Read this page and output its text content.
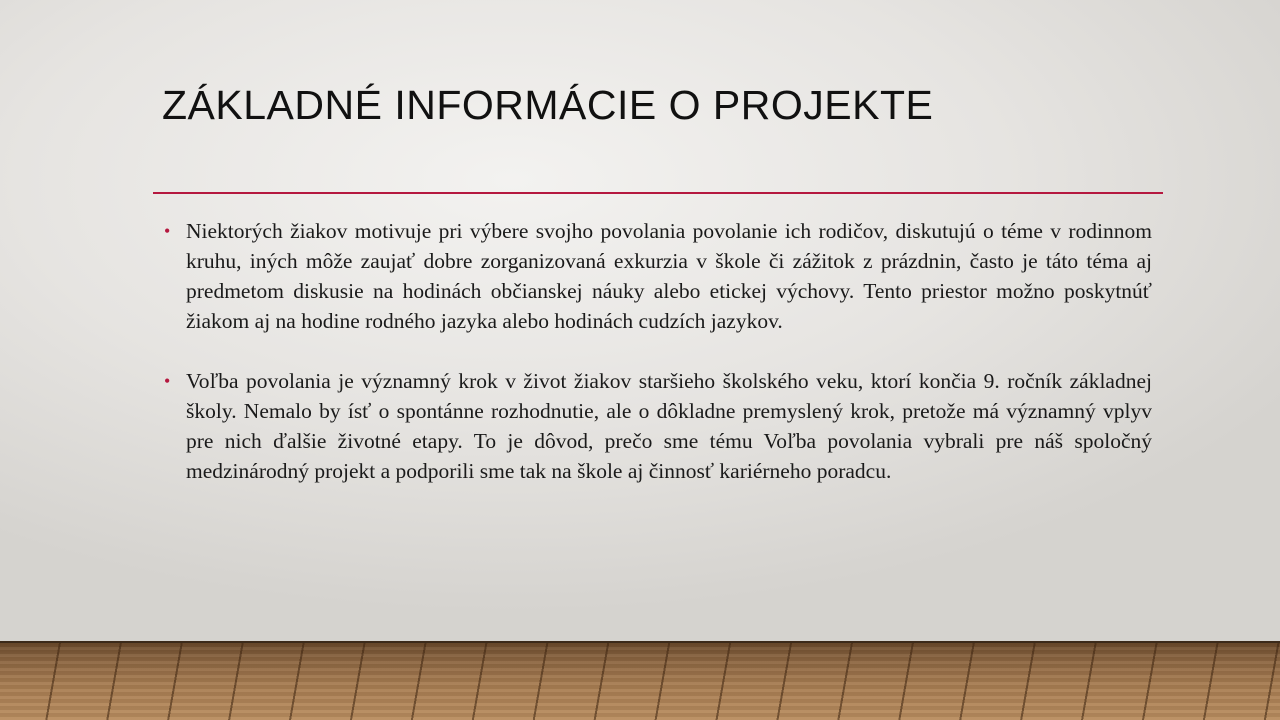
ZÁKLADNÉ INFORMÁCIE O PROJEKTE

• Niektorých žiakov motivuje pri výbere svojho povolania povolanie ich rodičov, diskutujú o téme v rodinnom kruhu, iných môže zaujať dobre zorganizovaná exkurzia v škole či zážitok z prázdnin, často je táto téma aj predmetom diskusie na hodinách občianskej náuky alebo etickej výchovy. Tento priestor možno poskytnúť žiakom aj na hodine rodného jazyka alebo hodinách cudzích jazykov.

• Voľba povolania je významný krok v život žiakov staršieho školského veku, ktorí končia 9. ročník základnej školy. Nemalo by ísť o spontánne rozhodnutie, ale o dôkladne premyslený krok, pretože má významný vplyv pre nich ďalšie životné etapy. To je dôvod, prečo sme tému Voľba povolania vybrali pre náš spoločný medzinárodný projekt a podporili sme tak na škole aj činnosť kariérneho poradcu.
